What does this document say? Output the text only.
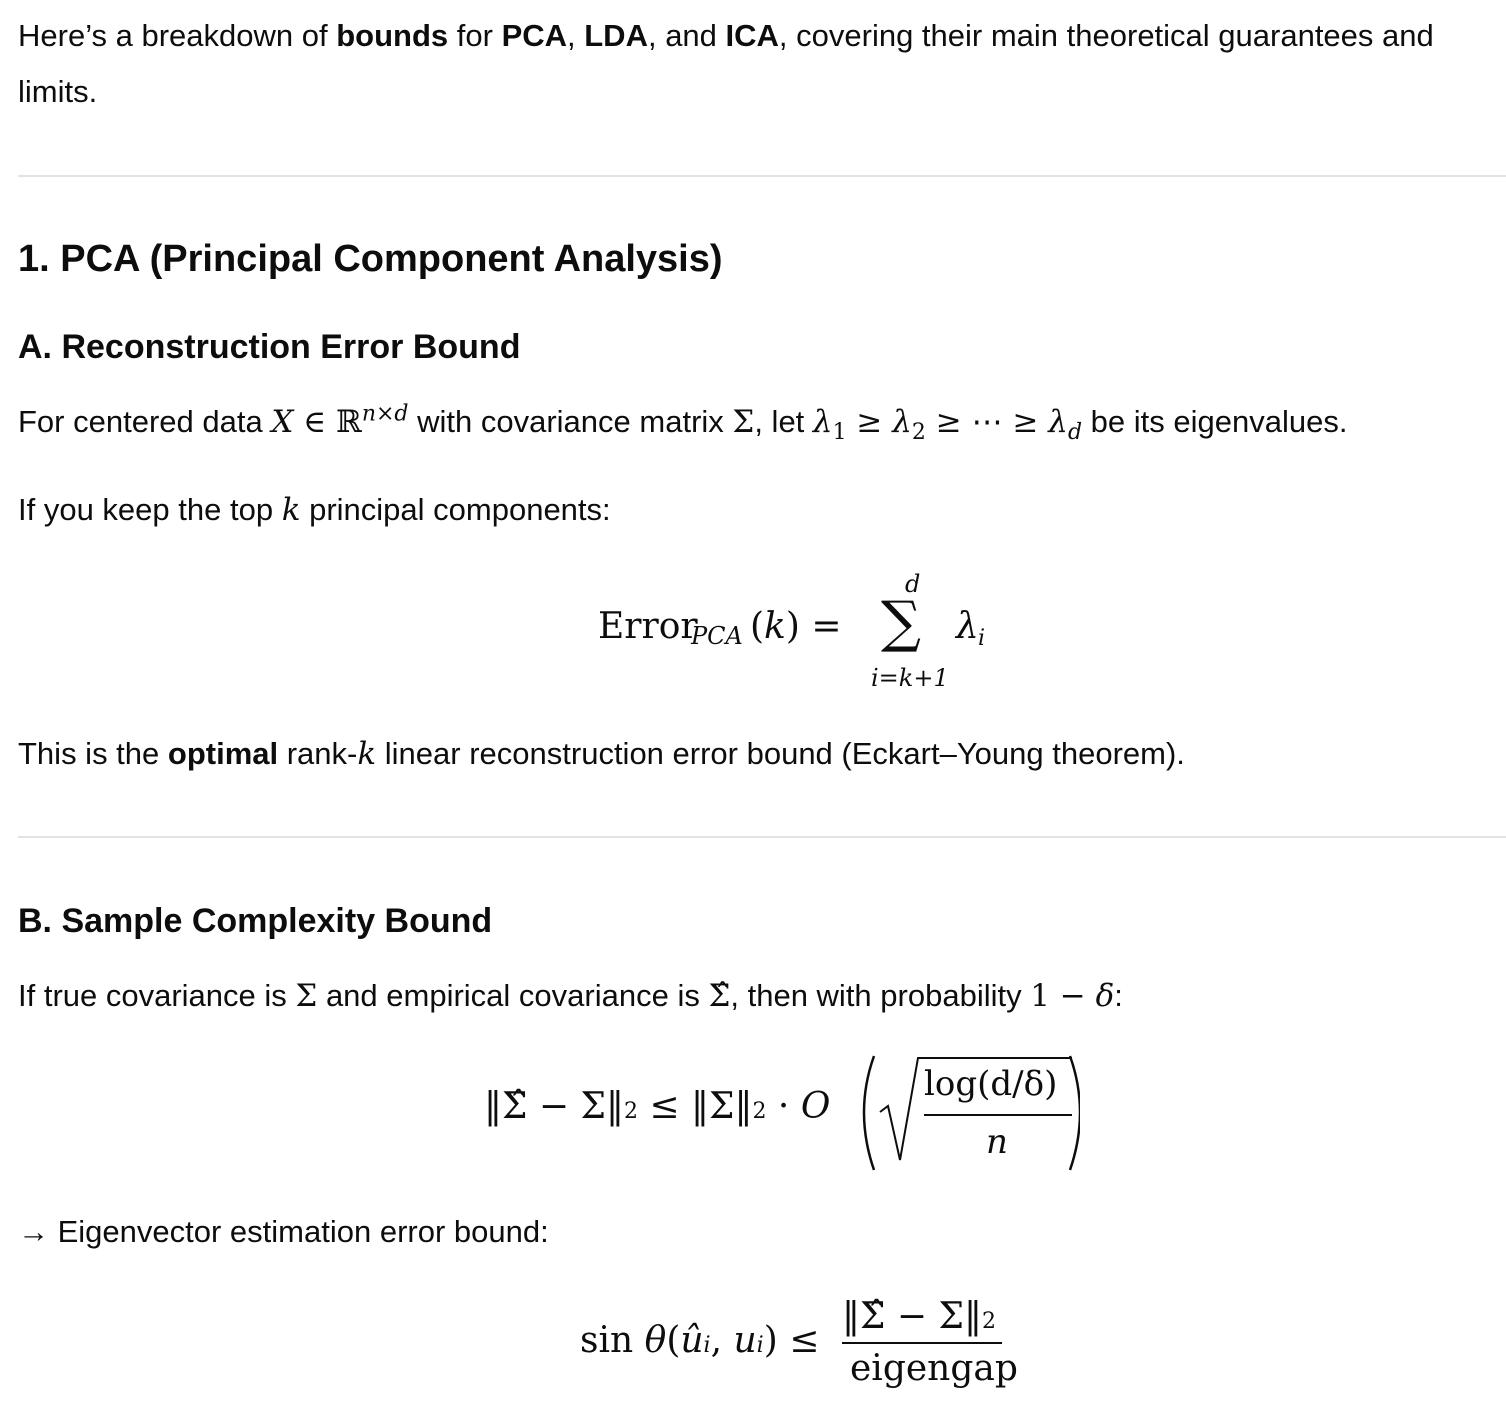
Here’s a breakdown of bounds for PCA, LDA, and ICA, covering their main theoretical guarantees and limits.

1. PCA (Principal Component Analysis)
A. Reconstruction Error Bound

For centered data X ∈ ℝ$^{n\times d}$ with covariance matrix Σ, let $\lambda_1 \ge \lambda_2$ ≥ ⋯ ≥ $\lambda_d$ be its eigenvalues.

If you keep the top k principal components:

Error
PCA (k) =
d
∑
i=k+1
λ i

This is the optimal rank-k linear reconstruction error bound (Eckart–Young theorem).

B. Sample Complexity Bound

If true covariance is Σ and empirical covariance is Σ̂, then with probability 1 − δ:

‖Σ̂ − Σ‖2 ≤ ‖Σ‖2 · O
log(d/δ)
n

→ Eigenvector estimation error bound:

sin θ(ûi, ui) ≤
‖Σ̂ − Σ‖2
eigengap
